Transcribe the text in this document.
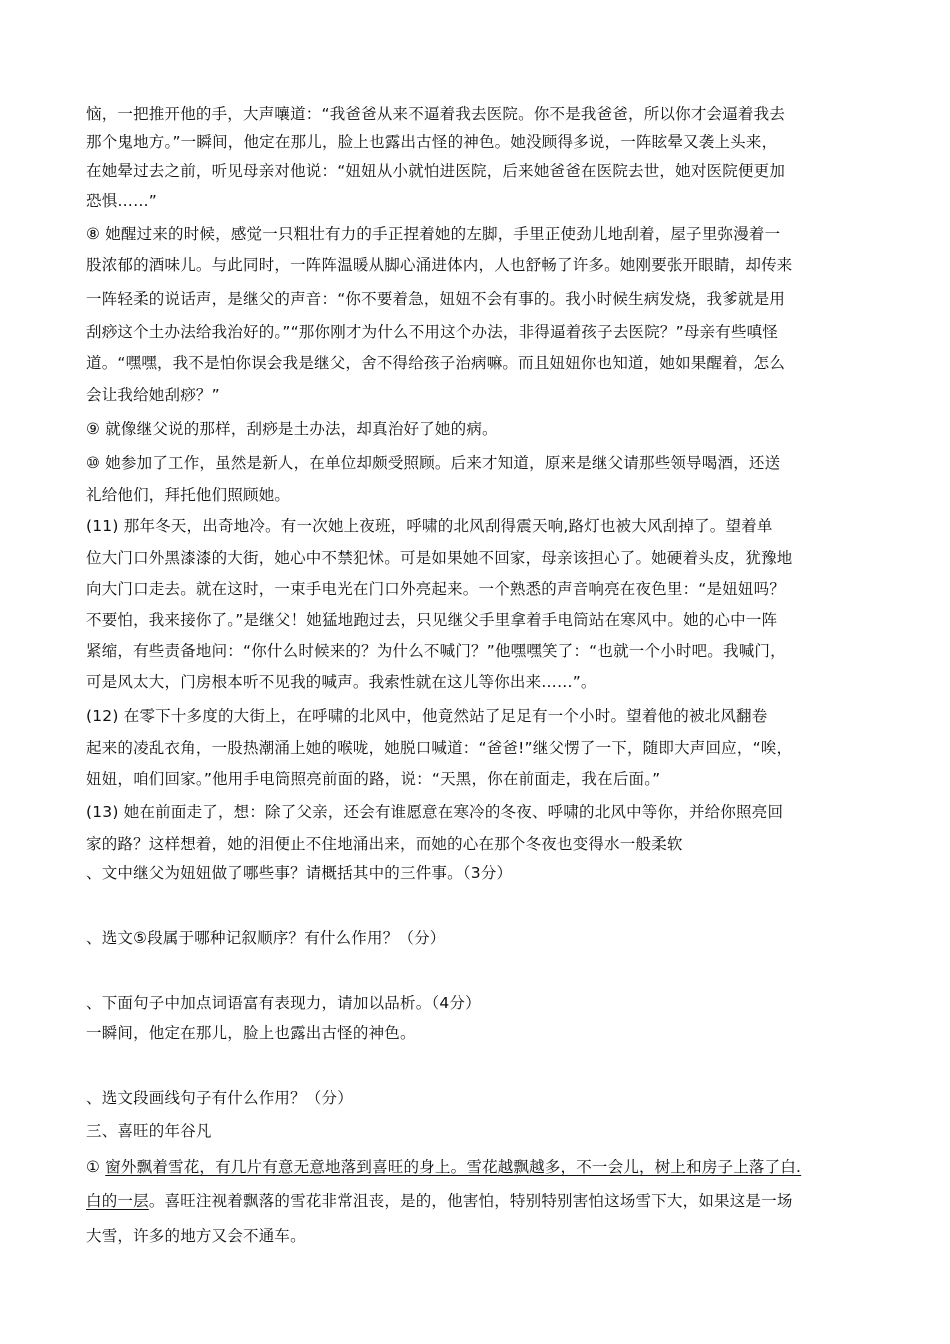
恼，一把推开他的手，大声嚷道：“我爸爸从来不逼着我去医院。你不是我爸爸，所以你才会逼着我去
那个鬼地方。”一瞬间，他定在那儿，脸上也露出古怪的神色。她没顾得多说，一阵眩晕又袭上头来，
在她晕过去之前，听见母亲对他说：“妞妞从小就怕进医院，后来她爸爸在医院去世，她对医院便更加
恐惧……”
⑧ 她醒过来的时候，感觉一只粗壮有力的手正捏着她的左脚，手里正使劲儿地刮着，屋子里弥漫着一
股浓郁的酒味儿。与此同时，一阵阵温暖从脚心涌进体内，人也舒畅了许多。她刚要张开眼睛，却传来
一阵轻柔的说话声，是继父的声音：“你不要着急，妞妞不会有事的。我小时候生病发烧，我爹就是用
刮痧这个土办法给我治好的。”“那你刚才为什么不用这个办法，非得逼着孩子去医院？”母亲有些嗔怪
道。“嘿嘿，我不是怕你误会我是继父，舍不得给孩子治病嘛。而且妞妞你也知道，她如果醒着，怎么
会让我给她刮痧？”
⑨ 就像继父说的那样，刮痧是土办法，却真治好了她的病。
⑩ 她参加了工作，虽然是新人，在单位却颇受照顾。后来才知道，原来是继父请那些领导喝酒，还送
礼给他们，拜托他们照顾她。
(11) 那年冬天，出奇地冷。有一次她上夜班，呼啸的北风刮得震天响,路灯也被大风刮掉了。望着单
位大门口外黑漆漆的大街，她心中不禁犯怵。可是如果她不回家，母亲该担心了。她硬着头皮，犹豫地
向大门口走去。就在这时，一束手电光在门口外亮起来。一个熟悉的声音响亮在夜色里：“是妞妞吗？
不要怕，我来接你了。”是继父！她猛地跑过去，只见继父手里拿着手电筒站在寒风中。她的心中一阵
紧缩，有些责备地问：“你什么时候来的？为什么不喊门？”他嘿嘿笑了：“也就一个小时吧。我喊门，
可是风太大，门房根本听不见我的喊声。我索性就在这儿等你出来……”。
(12) 在零下十多度的大街上，在呼啸的北风中，他竟然站了足足有一个小时。望着他的被北风翻卷
起来的凌乱衣角，一股热潮涌上她的喉咙，她脱口喊道：“爸爸!”继父愣了一下，随即大声回应，“唉，
妞妞，咱们回家。”他用手电筒照亮前面的路，说：“天黑，你在前面走，我在后面。”
(13) 她在前面走了，想：除了父亲，还会有谁愿意在寒冷的冬夜、呼啸的北风中等你，并给你照亮回
家的路？这样想着，她的泪便止不住地涌出来，而她的心在那个冬夜也变得水一般柔软
、文中继父为妞妞做了哪些事？请概括其中的三件事。（3分）
、选文⑤段属于哪种记叙顺序？有什么作用？（分）
、下面句子中加点词语富有表现力，请加以品析。（4分）
一瞬间，他定在那儿，脸上也露出古怪的神色。
、选文段画线句子有什么作用？（分）
三、喜旺的年谷凡
① 窗外飘着雪花，有几片有意无意地落到喜旺的身上。雪花越飘越多，不一会儿，树上和房子上落了白.
白的一层。喜旺注视着飘落的雪花非常沮丧，是的，他害怕，特别特别害怕这场雪下大，如果这是一场
大雪，许多的地方又会不通车。
